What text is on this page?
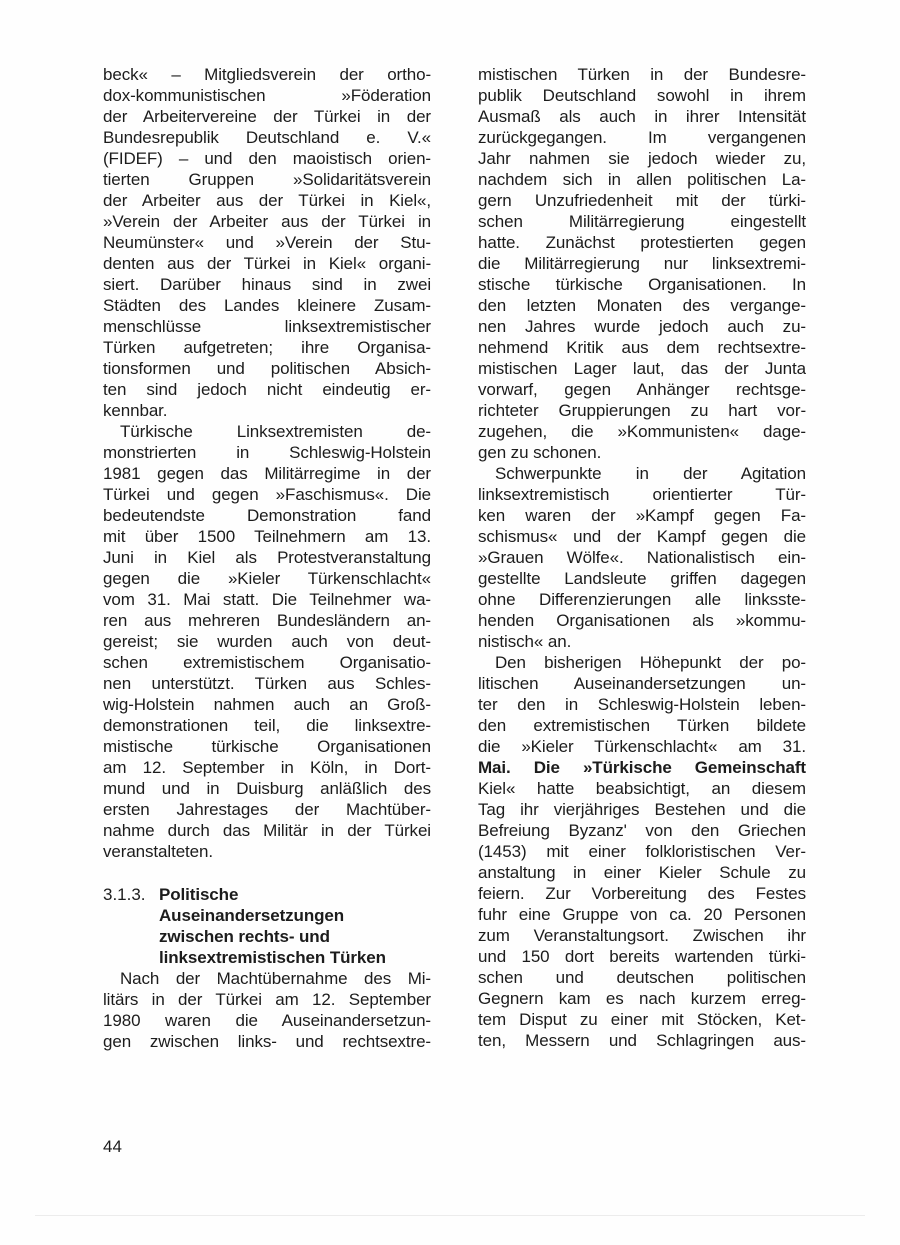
beck« – Mitgliedsverein der ortho-
dox-kommunistischen »Föderation
der Arbeitervereine der Türkei in der
Bundesrepublik Deutschland e. V.«
(FIDEF) – und den maoistisch orien-
tierten Gruppen »Solidaritätsverein
der Arbeiter aus der Türkei in Kiel«,
»Verein der Arbeiter aus der Türkei in
Neumünster« und »Verein der Stu-
denten aus der Türkei in Kiel« organi-
siert. Darüber hinaus sind in zwei
Städten des Landes kleinere Zusam-
menschlüsse linksextremistischer
Türken aufgetreten; ihre Organisa-
tionsformen und politischen Absich-
ten sind jedoch nicht eindeutig er-
kennbar.
Türkische Linksextremisten de-
monstrierten in Schleswig-Holstein
1981 gegen das Militärregime in der
Türkei und gegen »Faschismus«. Die
bedeutendste Demonstration fand
mit über 1500 Teilnehmern am 13.
Juni in Kiel als Protestveranstaltung
gegen die »Kieler Türkenschlacht«
vom 31. Mai statt. Die Teilnehmer wa-
ren aus mehreren Bundesländern an-
gereist; sie wurden auch von deut-
schen extremistischem Organisatio-
nen unterstützt. Türken aus Schles-
wig-Holstein nahmen auch an Groß-
demonstrationen teil, die linksextre-
mistische türkische Organisationen
am 12. September in Köln, in Dort-
mund und in Duisburg anläßlich des
ersten Jahrestages der Machtüber-
nahme durch das Militär in der Türkei
veranstalteten.
3.1.3. Politische
Auseinandersetzungen
zwischen rechts- und
linksextremistischen Türken
Nach der Machtübernahme des Mi-
litärs in der Türkei am 12. September
1980 waren die Auseinandersetzun-
gen zwischen links- und rechtsextre-
mistischen Türken in der Bundesre-
publik Deutschland sowohl in ihrem
Ausmaß als auch in ihrer Intensität
zurückgegangen. Im vergangenen
Jahr nahmen sie jedoch wieder zu,
nachdem sich in allen politischen La-
gern Unzufriedenheit mit der türki-
schen Militärregierung eingestellt
hatte. Zunächst protestierten gegen
die Militärregierung nur linksextremi-
stische türkische Organisationen. In
den letzten Monaten des vergange-
nen Jahres wurde jedoch auch zu-
nehmend Kritik aus dem rechtsextre-
mistischen Lager laut, das der Junta
vorwarf, gegen Anhänger rechtsge-
richteter Gruppierungen zu hart vor-
zugehen, die »Kommunisten« dage-
gen zu schonen.
Schwerpunkte in der Agitation
linksextremistisch orientierter Tür-
ken waren der »Kampf gegen Fa-
schismus« und der Kampf gegen die
»Grauen Wölfe«. Nationalistisch ein-
gestellte Landsleute griffen dagegen
ohne Differenzierungen alle linksste-
henden Organisationen als »kommu-
nistisch« an.
Den bisherigen Höhepunkt der po-
litischen Auseinandersetzungen un-
ter den in Schleswig-Holstein leben-
den extremistischen Türken bildete
die »Kieler Türkenschlacht« am 31.
Mai. Die »Türkische Gemeinschaft
Kiel« hatte beabsichtigt, an diesem
Tag ihr vierjähriges Bestehen und die
Befreiung Byzanz' von den Griechen
(1453) mit einer folkloristischen Ver-
anstaltung in einer Kieler Schule zu
feiern. Zur Vorbereitung des Festes
fuhr eine Gruppe von ca. 20 Personen
zum Veranstaltungsort. Zwischen ihr
und 150 dort bereits wartenden türki-
schen und deutschen politischen
Gegnern kam es nach kurzem erreg-
tem Disput zu einer mit Stöcken, Ket-
ten, Messern und Schlagringen aus-
44
